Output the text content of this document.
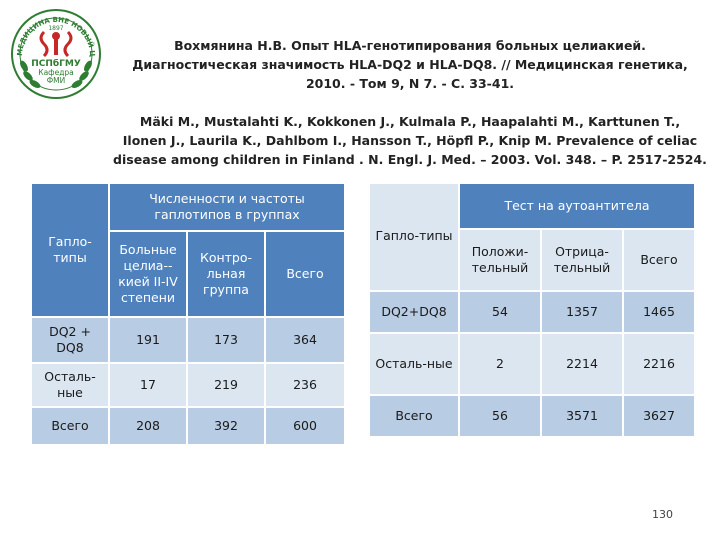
МЕДИЦИНА ВНЕ НОВЫЙ Ц
1897
ПСПбГМУ
Кафедра
ФМИ
Вохмянина Н.В. Опыт HLA-генотипирования больных целиакией.
Диагностическая значимость HLA-DQ2 и HLA-DQ8. // Медицинская генетика,
2010. - Том 9, N 7. - С. 33-41.
Mäki M., Mustalahti K., Kokkonen J., Kulmala P., Haapalahti M., Karttunen T.,
Ilonen J., Laurila K., Dahlbom I., Hansson T., Höpfl P., Knip M. Prevalence of celiac
disease among children in Finland . N. Engl. J. Med. – 2003. Vol. 348. – P. 2517-2524.
Гапло-типы	Численности и частоты гаплотипов в группах		
	Больные целиа--кией II-IV степени	Контро-льная группа	Всего
DQ2 + DQ8	191	173	364
Осталь-ные	17	219	236
Всего	208	392	600
Гапло-типы	Тест на аутоантитела		
	Положи-тельный	Отрица-тельный	Всего
DQ2+DQ8	54	1357	1465
Осталь-ные	2	2214	2216
Всего	56	3571	3627
130
